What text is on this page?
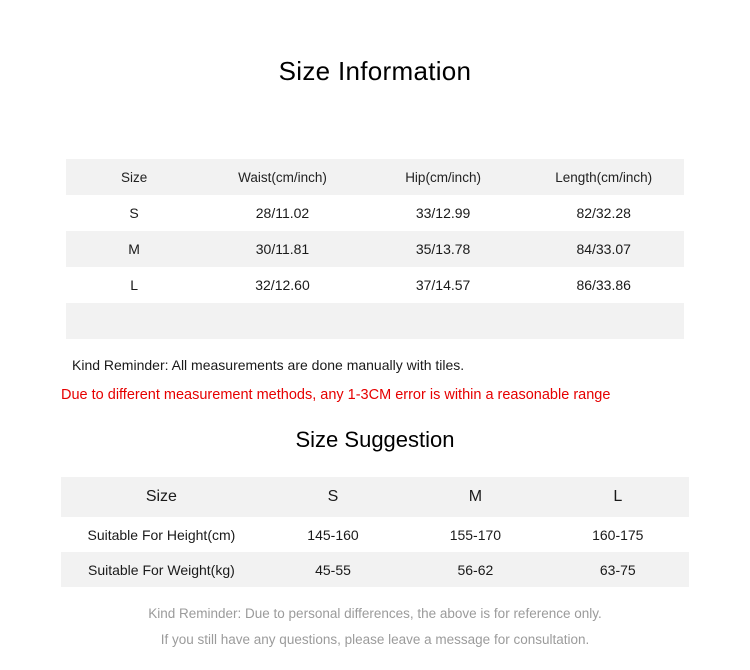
Size Information
Size	Waist(cm/inch)	Hip(cm/inch)	Length(cm/inch)
S	28/11.02	33/12.99	82/32.28
M	30/11.81	35/13.78	84/33.07
L	32/12.60	37/14.57	86/33.86

Kind Reminder: All measurements are done manually with tiles.
Due to different measurement methods, any 1-3CM error is within a reasonable range
Size Suggestion
Size	S	M	L
Suitable For Height(cm)	145-160	155-170	160-175
Suitable For Weight(kg)	45-55	56-62	63-75
Kind Reminder: Due to personal differences, the above is for reference only.
If you still have any questions, please leave a message for consultation.
